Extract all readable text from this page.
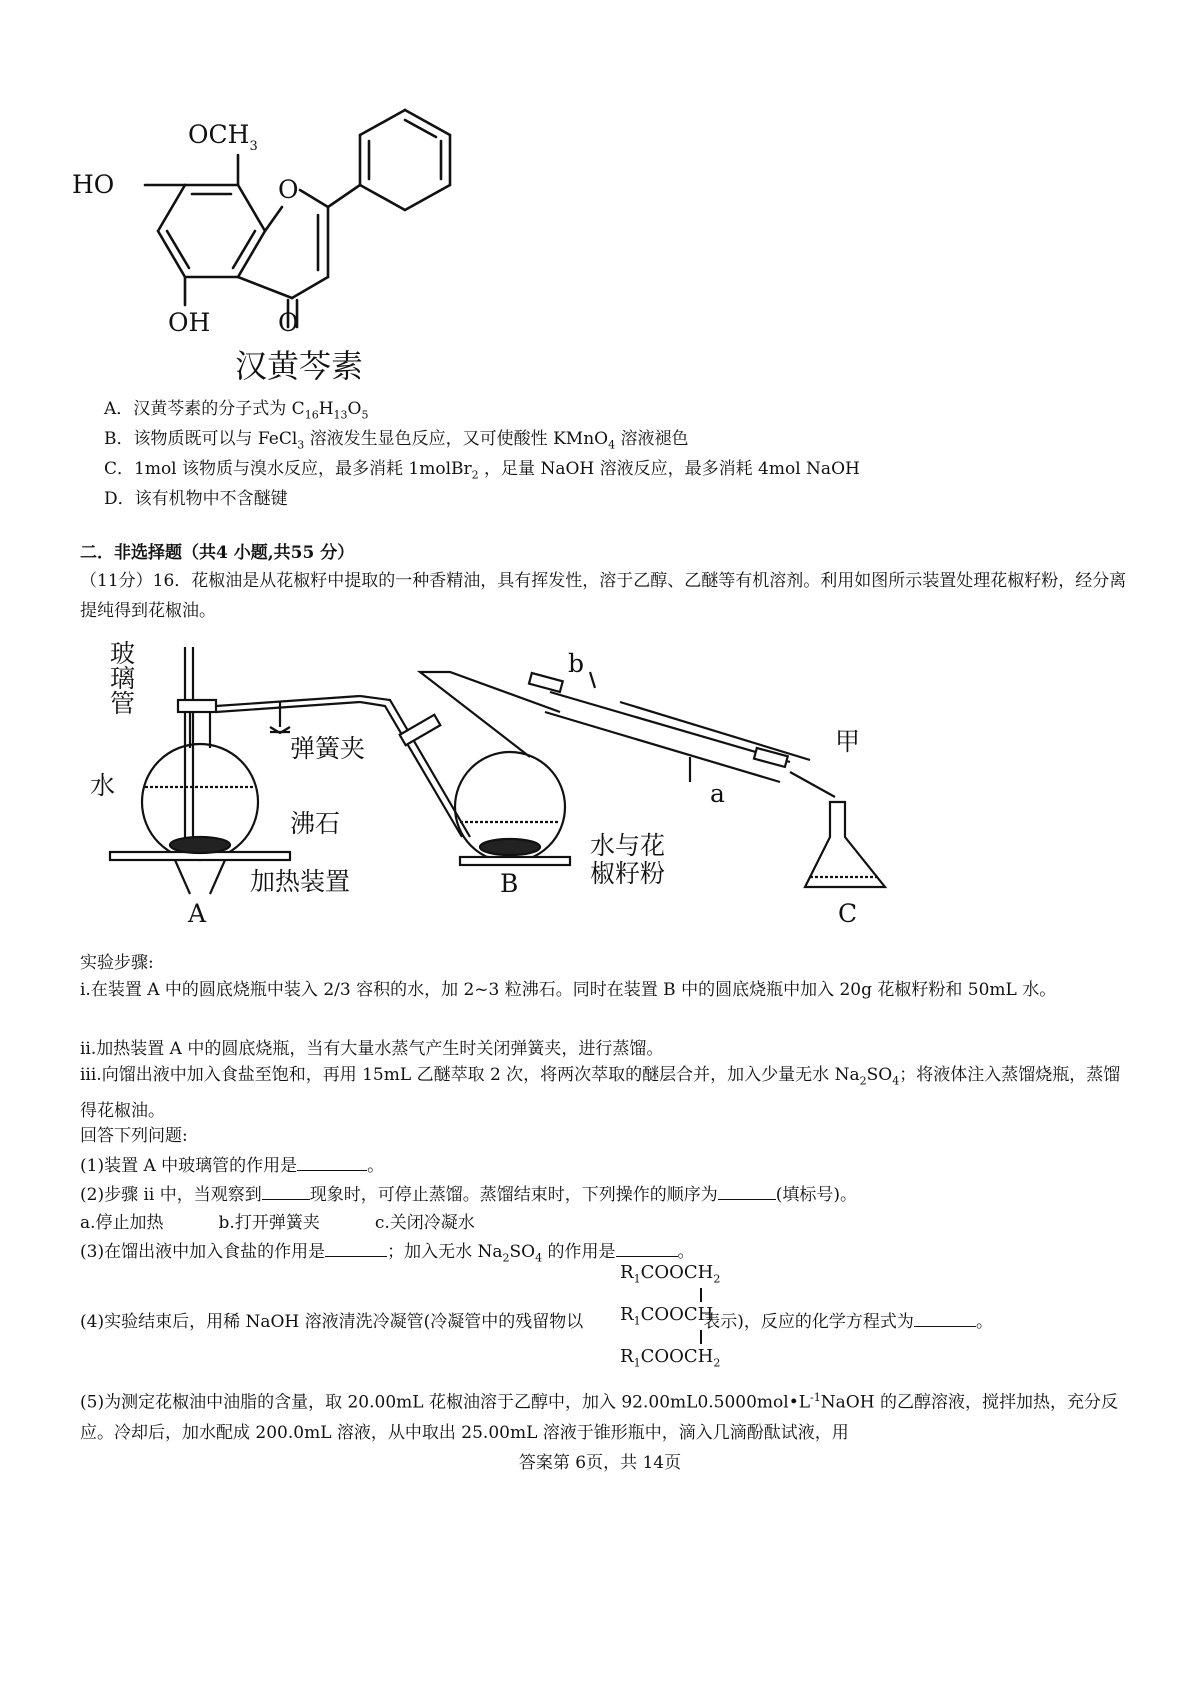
$OCH_3$
HO	O
OH	O
汉黄芩素
A．汉黄芩素的分子式为 $C_{16}H_{13}O_5$
B．该物质既可以与 FeCl$_3$ 溶液发生显色反应，又可使酸性 KMnO$_4$ 溶液褪色
C．1mol 该物质与溴水反应，最多消耗 1molBr$_2$ ，足量 NaOH 溶液反应，最多消耗 4mol NaOH
D．该有机物中不含醚键
二．非选择题（共4 小题,共55 分）
（11分）16．花椒油是从花椒籽中提取的一种香精油，具有挥发性，溶于乙醇、乙醚等有机溶剂。利用如图所示装置处理花椒籽粉，经分离提纯得到花椒油。
玻
璃
管
水
沸石
加热装置
弹簧夹
b
a
甲
水与花
椒籽粉
A
B
C
实验步骤:
i.在装置 A 中的圆底烧瓶中装入 2/3 容积的水，加 2~3 粒沸石。同时在装置 B 中的圆底烧瓶中加入 20g 花椒籽粉和 50mL 水。
ii.加热装置 A 中的圆底烧瓶，当有大量水蒸气产生时关闭弹簧夹，进行蒸馏。
iii.向馏出液中加入食盐至饱和，再用 15mL 乙醚萃取 2 次，将两次萃取的醚层合并，加入少量无水 $Na_2SO_4$；将液体注入蒸馏烧瓶，蒸馏得花椒油。
回答下列问题:
(1)装置 A 中玻璃管的作用是	。
(2)步骤 ii 中，当观察到	现象时，可停止蒸馏。蒸馏结束时，下列操作的顺序为	(填标号)。
a.停止加热	b.打开弹簧夹	c.关闭冷凝水
(3)在馏出液中加入食盐的作用是	；加入无水 $Na_2SO_4$ 的作用是	。
$R_1COOCH_2$
$R_1COOCH$
$R_1COOCH_2$
(4)实验结束后，用稀 NaOH 溶液清洗冷凝管(冷凝管中的残留物以	表示)，反应的化学方程式为	。
(5)为测定花椒油中油脂的含量，取 20.00mL 花椒油溶于乙醇中，加入 $92.00mL0.5000mol•L^{-1}NaOH$ 的乙醇溶液，搅拌加热，充分反应。冷却后，加水配成 200.0mL 溶液，从中取出 25.00mL 溶液于锥形瓶中，滴入几滴酚酞试液，用
答案第 6页，共 14页
